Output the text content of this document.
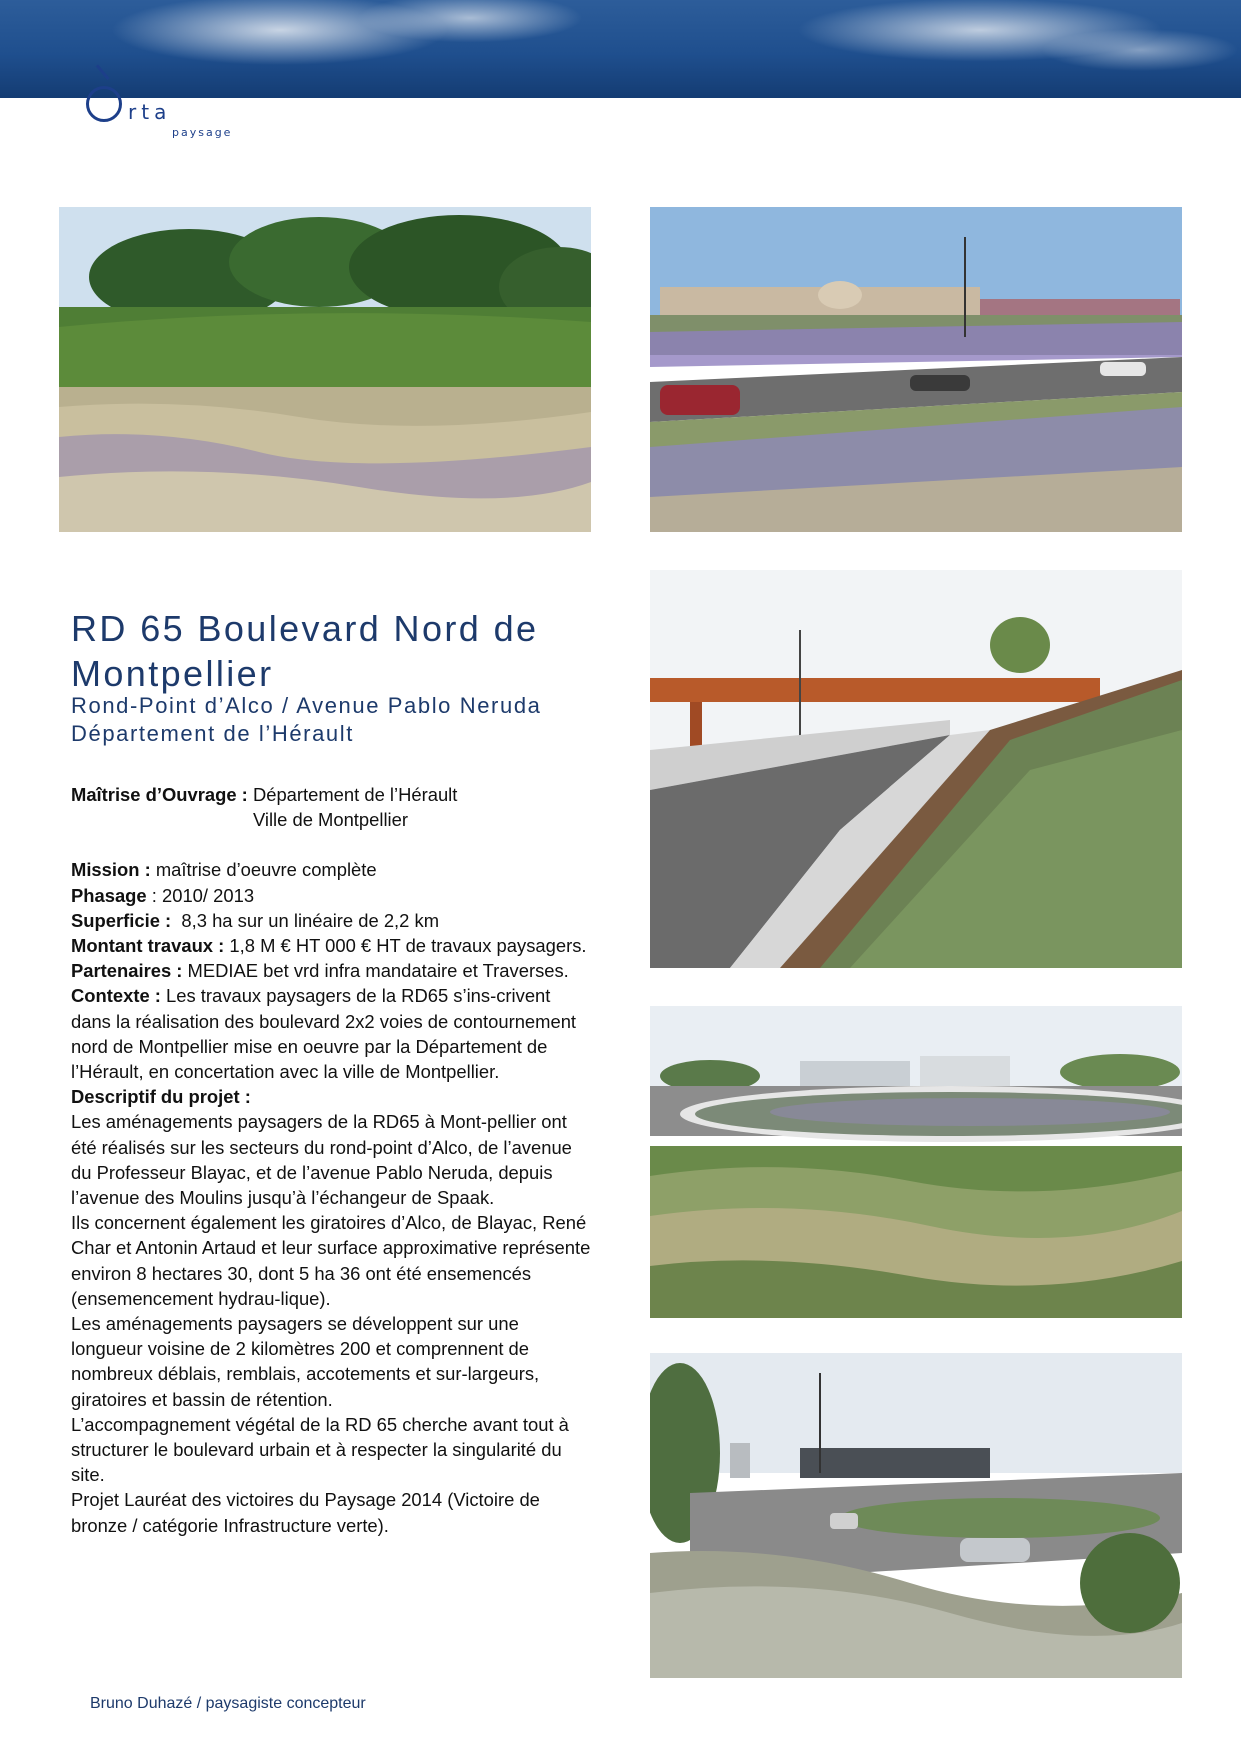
rta
paysage
RD 65 Boulevard Nord de Montpellier
Rond-Point d’Alco / Avenue Pablo Neruda
Département de l’Hérault
Maîtrise d’Ouvrage :
Département de l’Hérault
Ville de Montpellier

Mission : maîtrise d’oeuvre complète

Phasage : 2010/ 2013

Superficie : 8,3 ha sur un linéaire de 2,2 km

Montant travaux : 1,8 M € HT 000 € HT de travaux paysagers.

Partenaires : MEDIAE bet vrd infra mandataire et Traverses.

Contexte : Les travaux paysagers de la RD65 s’ins-crivent dans la réalisation des boulevard 2x2 voies de contournement nord de Montpellier mise en oeuvre par la Département de l’Hérault, en concertation avec la ville de Montpellier.

Descriptif du projet :

Les aménagements paysagers de la RD65 à Mont-pellier ont été réalisés sur les secteurs du rond-point d’Alco, de l’avenue du Professeur Blayac, et de l’avenue Pablo Neruda, depuis l’avenue des Moulins jusqu’à l’échangeur de Spaak.

Ils concernent également les giratoires d’Alco, de Blayac, René Char et Antonin Artaud et leur surface approximative représente environ 8 hectares 30, dont 5 ha 36 ont été ensemencés (ensemencement hydrau-lique).

Les aménagements paysagers se développent sur une longueur voisine de 2 kilomètres 200 et comprennent de nombreux déblais, remblais, accotements et sur-largeurs, giratoires et bassin de rétention.

L’accompagnement végétal de la RD 65 cherche avant tout à structurer le boulevard urbain et à respecter la singularité du site.

Projet Lauréat des victoires du Paysage 2014 (Victoire de bronze / catégorie Infrastructure verte).

Bruno Duhazé / paysagiste concepteur
